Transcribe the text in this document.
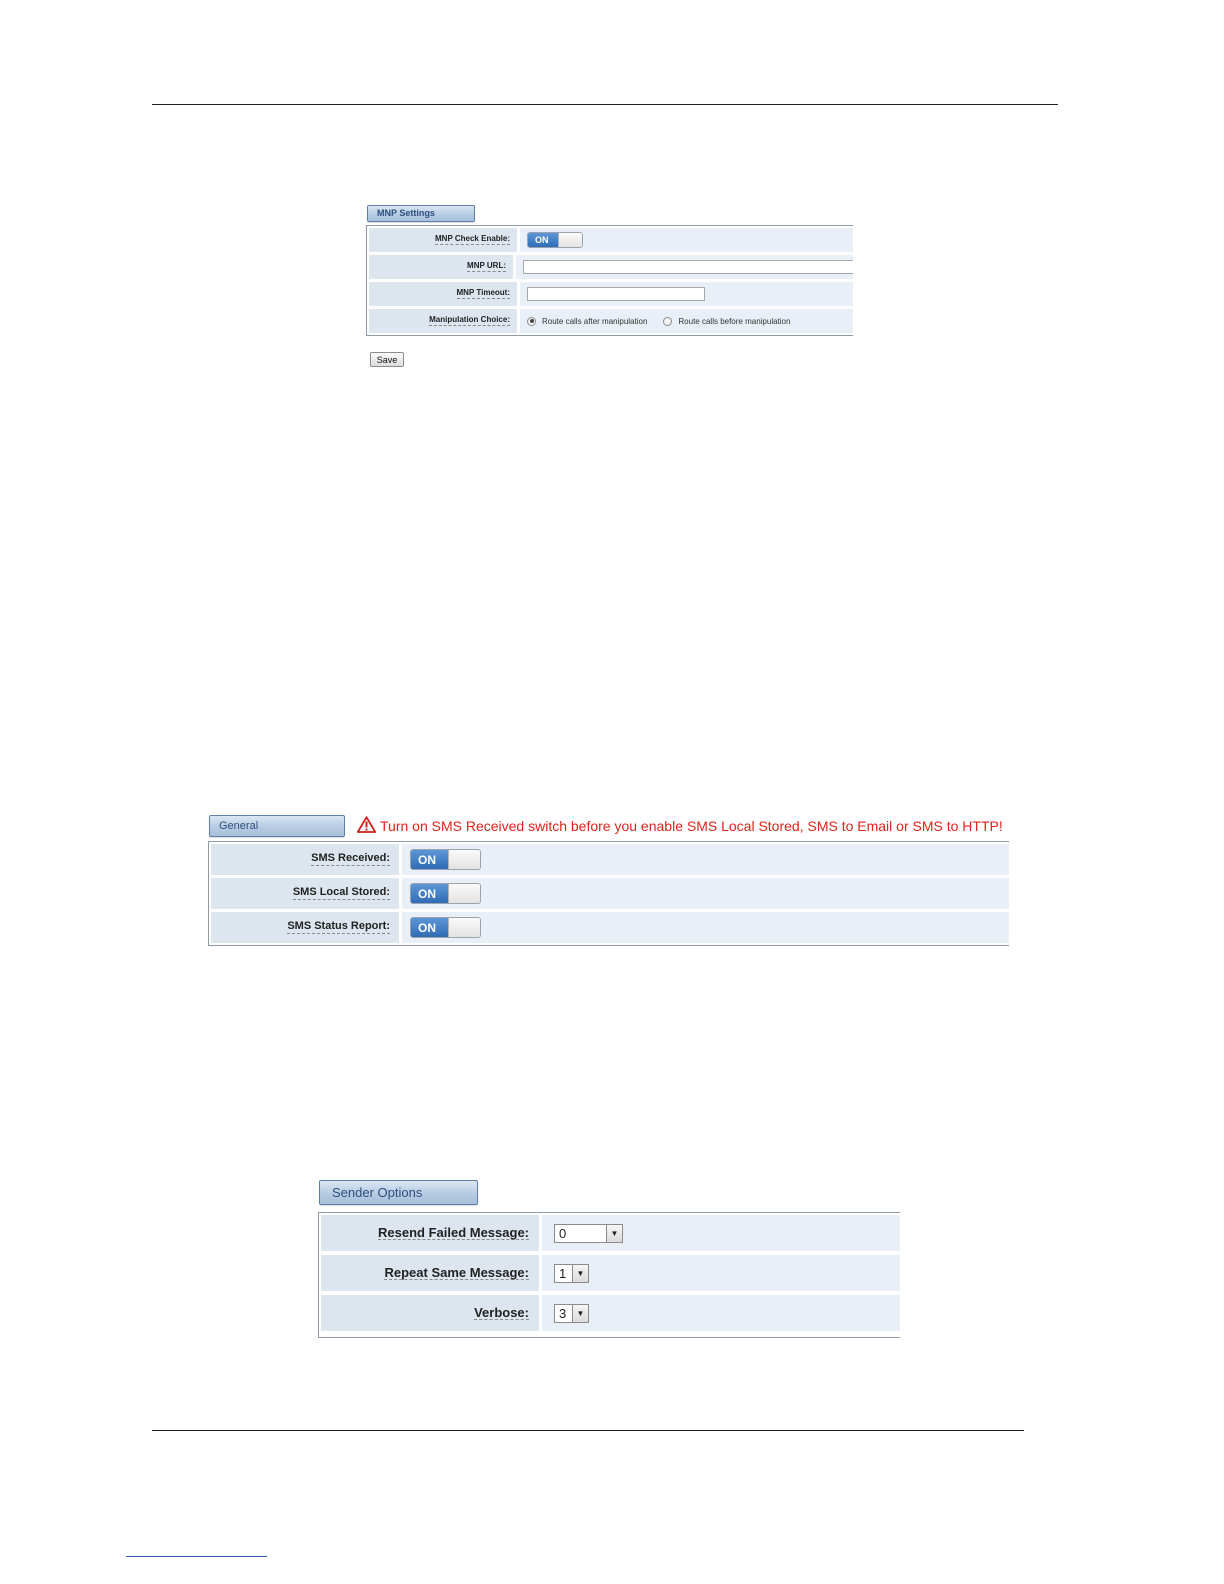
MNP Settings
MNP Check Enable:	ON
MNP URL:
MNP Timeout:
Manipulation Choice:	Route calls after manipulation	Route calls before manipulation
Save
General	Turn on SMS Received switch before you enable SMS Local Stored, SMS to Email or SMS to HTTP!
SMS Received:	ON
SMS Local Stored:	ON
SMS Status Report:	ON
Sender Options
Resend Failed Message:	0	▼
Repeat Same Message:	1	▼
Verbose:	3	▼
